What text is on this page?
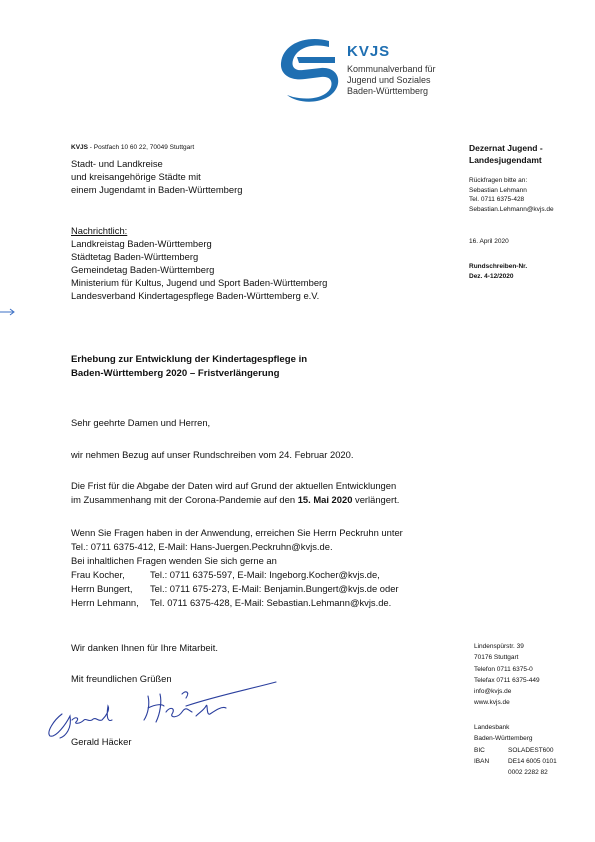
KVJS
Kommunalverband für
Jugend und Soziales
Baden-Württemberg
KVJS - Postfach 10 60 22, 70049 Stuttgart
Stadt- und Landkreise
und kreisangehörige Städte mit
einem Jugendamt in Baden-Württemberg
Nachrichtlich:
Landkreistag Baden-Württemberg
Städtetag Baden-Württemberg
Gemeindetag Baden-Württemberg
Ministerium für Kultus, Jugend und Sport Baden-Württemberg
Landesverband Kindertagespflege Baden-Württemberg e.V.
Dezernat Jugend -
Landesjugendamt
Rückfragen bitte an:
Sebastian Lehmann
Tel. 0711 6375-428
Sebastian.Lehmann@kvjs.de
16. April 2020
Rundschreiben-Nr.
Dez. 4-12/2020
Erhebung zur Entwicklung der Kindertagespflege in
Baden-Württemberg 2020 – Fristverlängerung
Sehr geehrte Damen und Herren,
wir nehmen Bezug auf unser Rundschreiben vom 24. Februar 2020.
Die Frist für die Abgabe der Daten wird auf Grund der aktuellen Entwicklungen
im Zusammenhang mit der Corona-Pandemie auf den 15. Mai 2020 verlängert.
Wenn Sie Fragen haben in der Anwendung, erreichen Sie Herrn Peckruhn unter
Tel.: 0711 6375-412, E-Mail: Hans-Juergen.Peckruhn@kvjs.de.
Bei inhaltlichen Fragen wenden Sie sich gerne an
Frau Kocher,	Tel.: 0711 6375-597, E-Mail: Ingeborg.Kocher@kvjs.de,
Herrn Bungert,	Tel.: 0711 675-273, E-Mail: Benjamin.Bungert@kvjs.de oder
Herrn Lehmann,	Tel. 0711 6375-428, E-Mail: Sebastian.Lehmann@kvjs.de.
Wir danken Ihnen für Ihre Mitarbeit.
Mit freundlichen Grüßen
Gerald Häcker
Lindenspürstr. 39
70176 Stuttgart
Telefon 0711 6375-0
Telefax 0711 6375-449
info@kvjs.de
www.kvjs.de
Landesbank
Baden-Württemberg
BIC	SOLADEST600
IBAN	DE14 6005 0101
0002 2282 82
